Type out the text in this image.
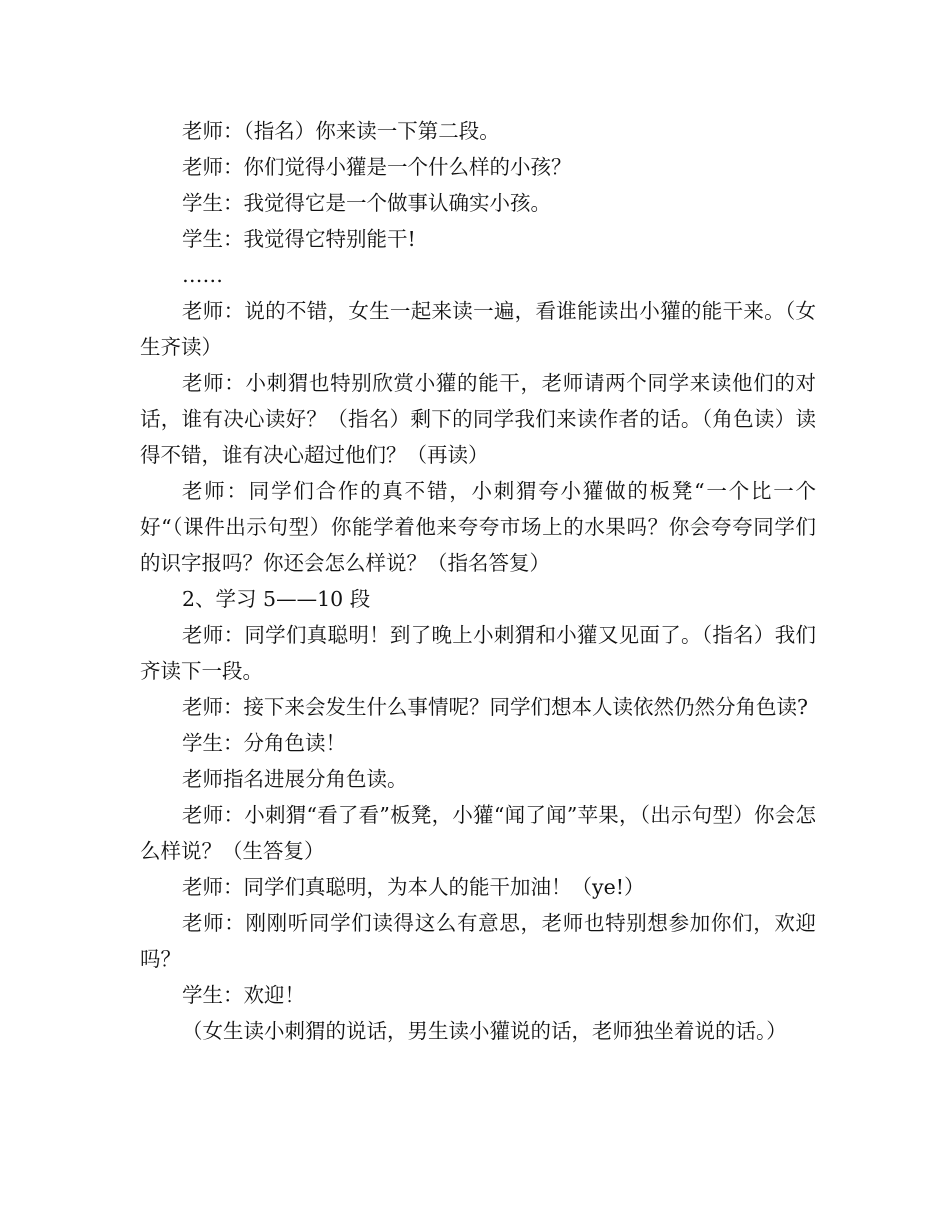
老师：（指名）你来读一下第二段。

老师：你们觉得小獾是一个什么样的小孩？

学生：我觉得它是一个做事认确实小孩。

学生：我觉得它特别能干!

……

老师：说的不错，女生一起来读一遍，看谁能读出小獾的能干来。（女生齐读）

老师：小刺猬也特别欣赏小獾的能干，老师请两个同学来读他们的对话，谁有决心读好？（指名）剩下的同学我们来读作者的话。（角色读）读得不错，谁有决心超过他们？（再读）

老师：同学们合作的真不错，小刺猬夸小獾做的板凳“一个比一个好“（课件出示句型）你能学着他来夸夸市场上的水果吗？你会夸夸同学们的识字报吗？你还会怎么样说？（指名答复）

2、学习 5——10 段

老师：同学们真聪明！到了晚上小刺猬和小獾又见面了。（指名）我们齐读下一段。

老师：接下来会发生什么事情呢？同学们想本人读依然仍然分角色读?

学生：分角色读！

老师指名进展分角色读。

老师：小刺猬“看了看”板凳，小獾“闻了闻”苹果，（出示句型）你会怎么样说？（生答复）

老师：同学们真聪明，为本人的能干加油！（ye!）

老师：刚刚听同学们读得这么有意思，老师也特别想参加你们，欢迎吗？

学生：欢迎！

（女生读小刺猬的说话，男生读小獾说的话，老师独坐着说的话。）
